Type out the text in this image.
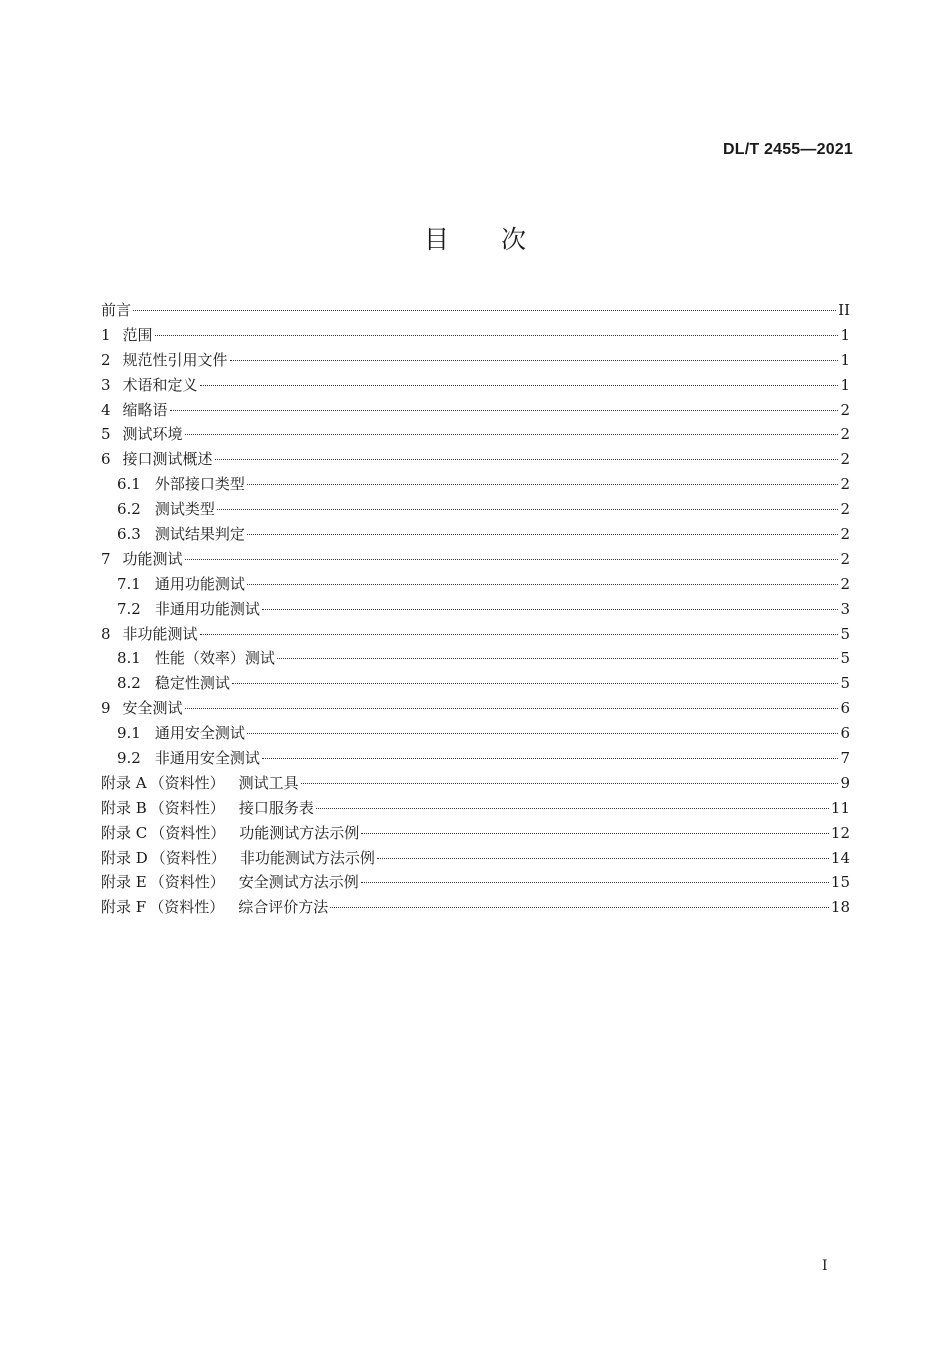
DL/T 2455—2021
目 次
前言	II
1 范围	1
2 规范性引用文件	1
3 术语和定义	1
4 缩略语	2
5 测试环境	2
6 接口测试概述	2
6.1 外部接口类型	2
6.2 测试类型	2
6.3 测试结果判定	2
7 功能测试	2
7.1 通用功能测试	2
7.2 非通用功能测试	3
8 非功能测试	5
8.1 性能（效率）测试	5
8.2 稳定性测试	5
9 安全测试	6
9.1 通用安全测试	6
9.2 非通用安全测试	7
附录 A （资料性） 测试工具	9
附录 B （资料性） 接口服务表	11
附录 C （资料性） 功能测试方法示例	12
附录 D （资料性） 非功能测试方法示例	14
附录 E （资料性） 安全测试方法示例	15
附录 F （资料性） 综合评价方法	18
I
